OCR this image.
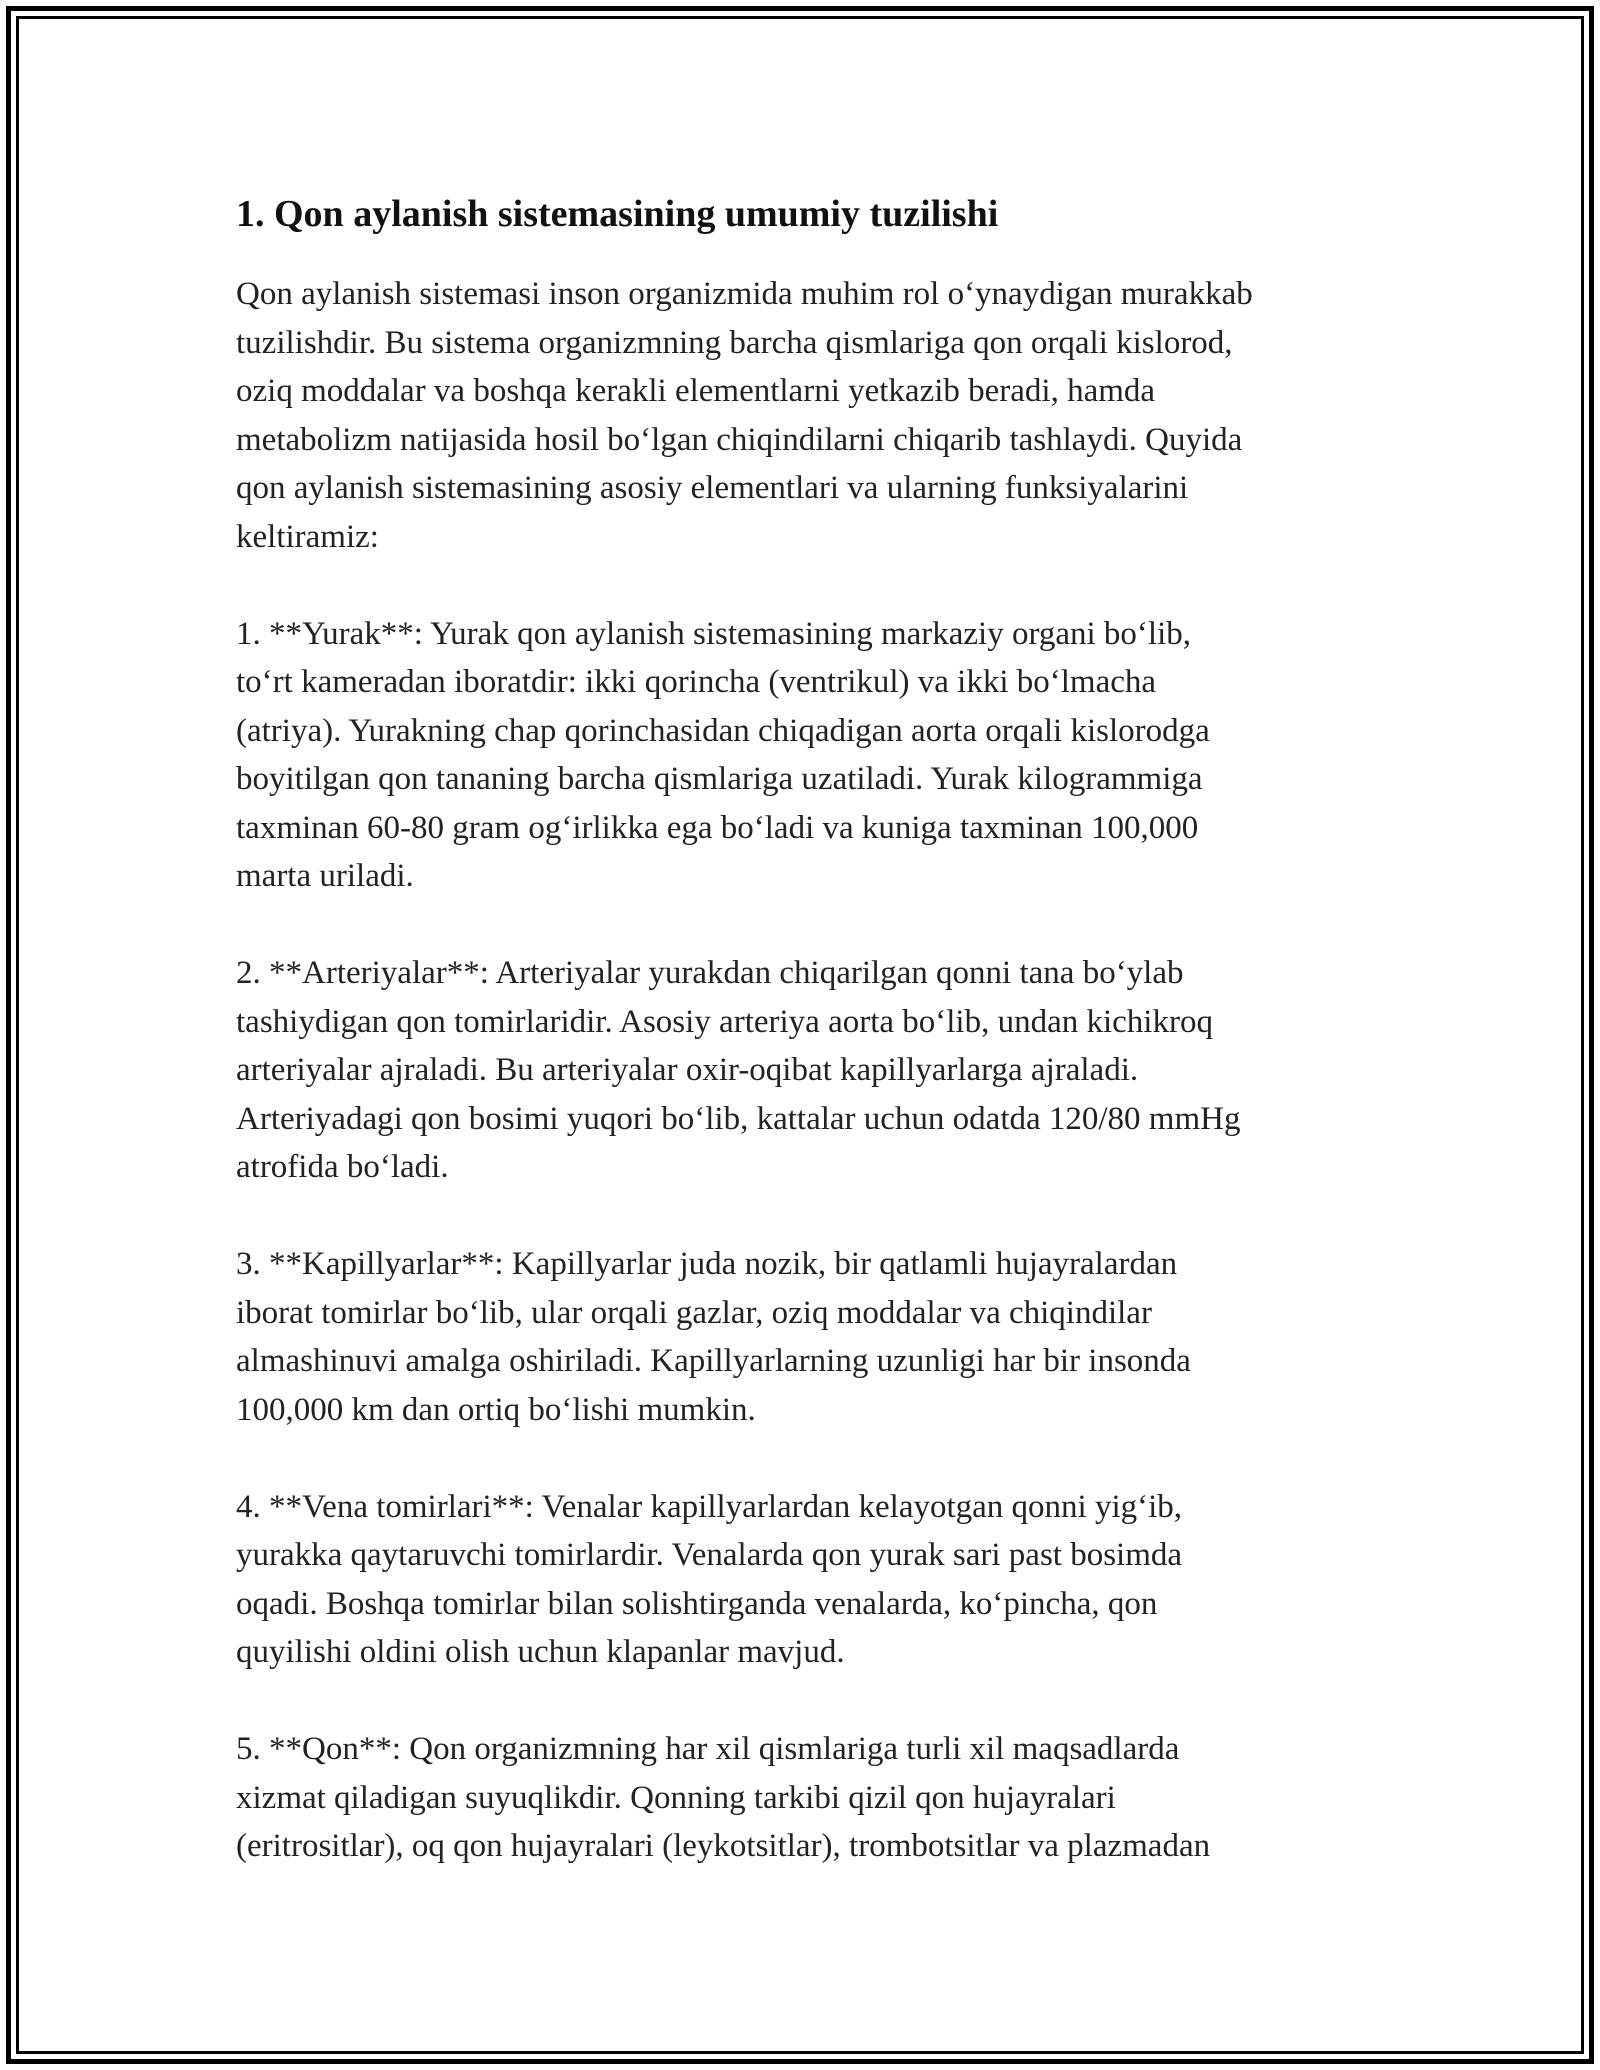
1. Qon aylanish sistemasining umumiy tuzilishi

Qon aylanish sistemasi inson organizmida muhim rol o‘ynaydigan murakkab
tuzilishdir. Bu sistema organizmning barcha qismlariga qon orqali kislorod,
oziq moddalar va boshqa kerakli elementlarni yetkazib beradi, hamda
metabolizm natijasida hosil bo‘lgan chiqindilarni chiqarib tashlaydi. Quyida
qon aylanish sistemasining asosiy elementlari va ularning funksiyalarini
keltiramiz:

1. **Yurak**: Yurak qon aylanish sistemasining markaziy organi bo‘lib,
to‘rt kameradan iboratdir: ikki qorincha (ventrikul) va ikki bo‘lmacha
(atriya). Yurakning chap qorinchasidan chiqadigan aorta orqali kislorodga
boyitilgan qon tananing barcha qismlariga uzatiladi. Yurak kilogrammiga
taxminan 60-80 gram og‘irlikka ega bo‘ladi va kuniga taxminan 100,000
marta uriladi.

2. **Arteriyalar**: Arteriyalar yurakdan chiqarilgan qonni tana bo‘ylab
tashiydigan qon tomirlaridir. Asosiy arteriya aorta bo‘lib, undan kichikroq
arteriyalar ajraladi. Bu arteriyalar oxir-oqibat kapillyarlarga ajraladi.
Arteriyadagi qon bosimi yuqori bo‘lib, kattalar uchun odatda 120/80 mmHg
atrofida bo‘ladi.

3. **Kapillyarlar**: Kapillyarlar juda nozik, bir qatlamli hujayralardan
iborat tomirlar bo‘lib, ular orqali gazlar, oziq moddalar va chiqindilar
almashinuvi amalga oshiriladi. Kapillyarlarning uzunligi har bir insonda
100,000 km dan ortiq bo‘lishi mumkin.

4. **Vena tomirlari**: Venalar kapillyarlardan kelayotgan qonni yig‘ib,
yurakka qaytaruvchi tomirlardir. Venalarda qon yurak sari past bosimda
oqadi. Boshqa tomirlar bilan solishtirganda venalarda, ko‘pincha, qon
quyilishi oldini olish uchun klapanlar mavjud.

5. **Qon**: Qon organizmning har xil qismlariga turli xil maqsadlarda
xizmat qiladigan suyuqlikdir. Qonning tarkibi qizil qon hujayralari
(eritrositlar), oq qon hujayralari (leykotsitlar), trombotsitlar va plazmadan
